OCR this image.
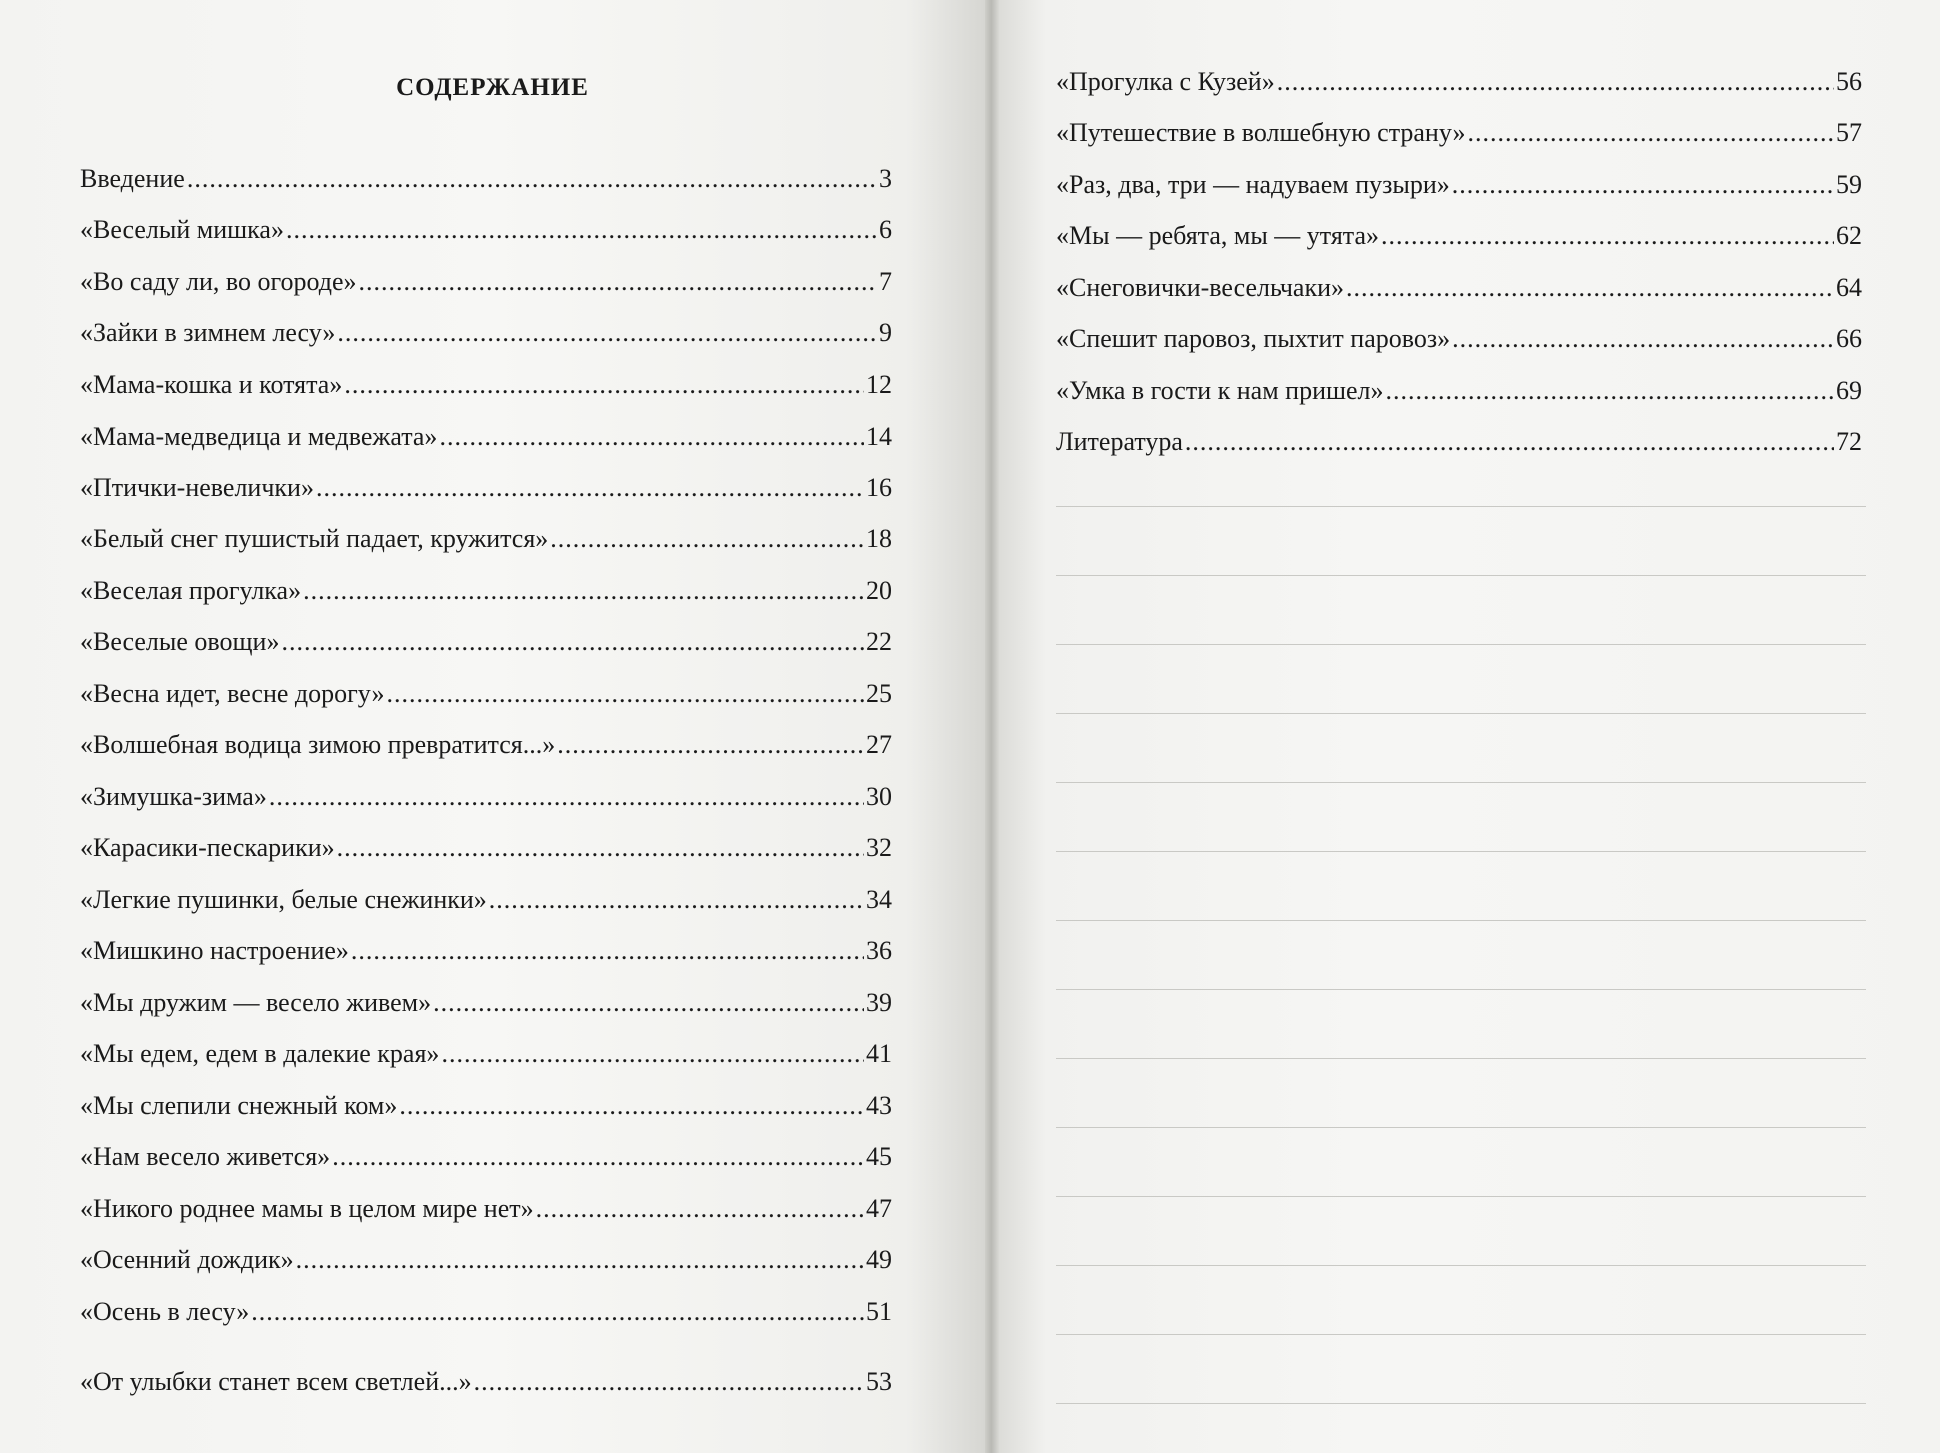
СОДЕРЖАНИЕ
Введение .....	3
«Веселый мишка» .....	6
«Во саду ли, во огороде» .....	7
«Зайки в зимнем лесу» .....	9
«Мама-кошка и котята» .....	12
«Мама-медведица и медвежата» .....	14
«Птички-невелички» .....	16
«Белый снег пушистый падает, кружится» .....	18
«Веселая прогулка» .....	20
«Веселые овощи» .....	22
«Весна идет, весне дорогу» .....	25
«Волшебная водица зимою превратится...» .....	27
«Зимушка-зима» .....	30
«Карасики-пескарики» .....	32
«Легкие пушинки, белые снежинки» .....	34
«Мишкино настроение» .....	36
«Мы дружим — весело живем» .....	39
«Мы едем, едем в далекие края» .....	41
«Мы слепили снежный ком» .....	43
«Нам весело живется» .....	45
«Никого роднее мамы в целом мире нет» .....	47
«Осенний дождик» .....	49
«Осень в лесу» .....	51
«От улыбки станет всем светлей...» .....	53
«Прогулка с Кузей» .....	56
«Путешествие в волшебную страну» .....	57
«Раз, два, три — надуваем пузыри» .....	59
«Мы — ребята, мы — утята» .....	62
«Снеговички-весельчаки» .....	64
«Спешит паровоз, пыхтит паровоз» .....	66
«Умка в гости к нам пришел» .....	69
Литература .....	72
